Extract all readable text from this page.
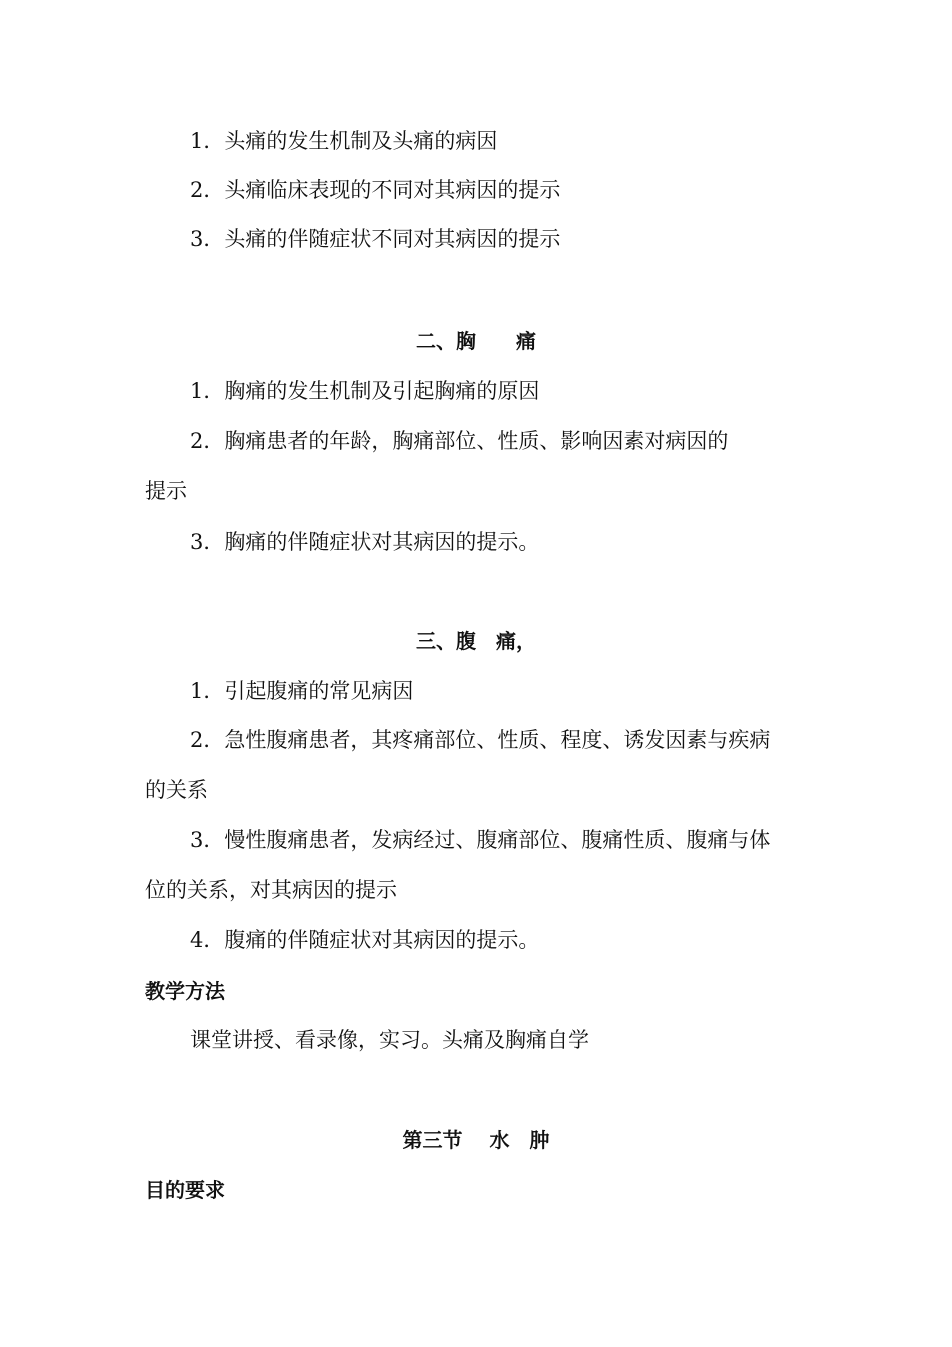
1．头痛的发生机制及头痛的病因
2．头痛临床表现的不同对其病因的提示
3．头痛的伴随症状不同对其病因的提示
二、胸　　痛
1．胸痛的发生机制及引起胸痛的原因
2．胸痛患者的年龄，胸痛部位、性质、影响因素对病因的
提示
3．胸痛的伴随症状对其病因的提示。
三、腹　痛，
1．引起腹痛的常见病因
2．急性腹痛患者，其疼痛部位、性质、程度、诱发因素与疾病
的关系
3．慢性腹痛患者，发病经过、腹痛部位、腹痛性质、腹痛与体
位的关系，对其病因的提示
4．腹痛的伴随症状对其病因的提示。
教学方法
课堂讲授、看录像，实习。头痛及胸痛自学
第三节　 水　肿
目的要求
